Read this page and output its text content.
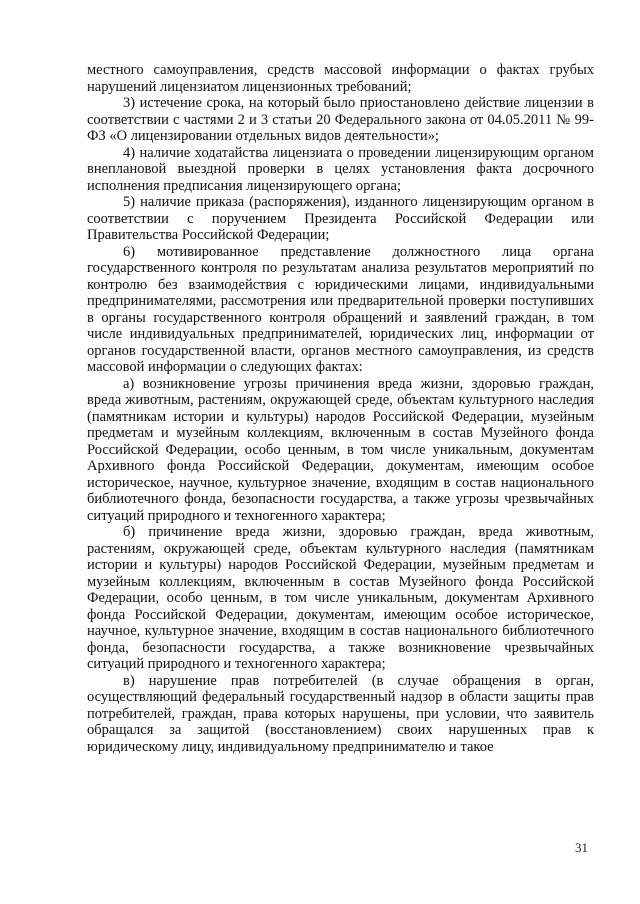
местного самоуправления, средств массовой информации о фактах грубых нарушений лицензиатом лицензионных требований;

3) истечение срока, на который было приостановлено действие лицензии в соответствии с частями 2 и 3 статьи 20 Федерального закона от 04.05.2011 № 99-ФЗ «О лицензировании отдельных видов деятельности»;

4) наличие ходатайства лицензиата о проведении лицензирующим органом внеплановой выездной проверки в целях установления факта досрочного исполнения предписания лицензирующего органа;

5) наличие приказа (распоряжения), изданного лицензирующим органом в соответствии с поручением Президента Российской Федерации или Правительства Российской Федерации;

6) мотивированное представление должностного лица органа государственного контроля по результатам анализа результатов мероприятий по контролю без взаимодействия с юридическими лицами, индивидуальными предпринимателями, рассмотрения или предварительной проверки поступивших в органы государственного контроля обращений и заявлений граждан, в том числе индивидуальных предпринимателей, юридических лиц, информации от органов государственной власти, органов местного самоуправления, из средств массовой информации о следующих фактах:

а) возникновение угрозы причинения вреда жизни, здоровью граждан, вреда животным, растениям, окружающей среде, объектам культурного наследия (памятникам истории и культуры) народов Российской Федерации, музейным предметам и музейным коллекциям, включенным в состав Музейного фонда Российской Федерации, особо ценным, в том числе уникальным, документам Архивного фонда Российской Федерации, документам, имеющим особое историческое, научное, культурное значение, входящим в состав национального библиотечного фонда, безопасности государства, а также угрозы чрезвычайных ситуаций природного и техногенного характера;

б) причинение вреда жизни, здоровью граждан, вреда животным, растениям, окружающей среде, объектам культурного наследия (памятникам истории и культуры) народов Российской Федерации, музейным предметам и музейным коллекциям, включенным в состав Музейного фонда Российской Федерации, особо ценным, в том числе уникальным, документам Архивного фонда Российской Федерации, документам, имеющим особое историческое, научное, культурное значение, входящим в состав национального библиотечного фонда, безопасности государства, а также возникновение чрезвычайных ситуаций природного и техногенного характера;

в) нарушение прав потребителей (в случае обращения в орган, осуществляющий федеральный государственный надзор в области защиты прав потребителей, граждан, права которых нарушены, при условии, что заявитель обращался за защитой (восстановлением) своих нарушенных прав к юридическому лицу, индивидуальному предпринимателю и такое

31
